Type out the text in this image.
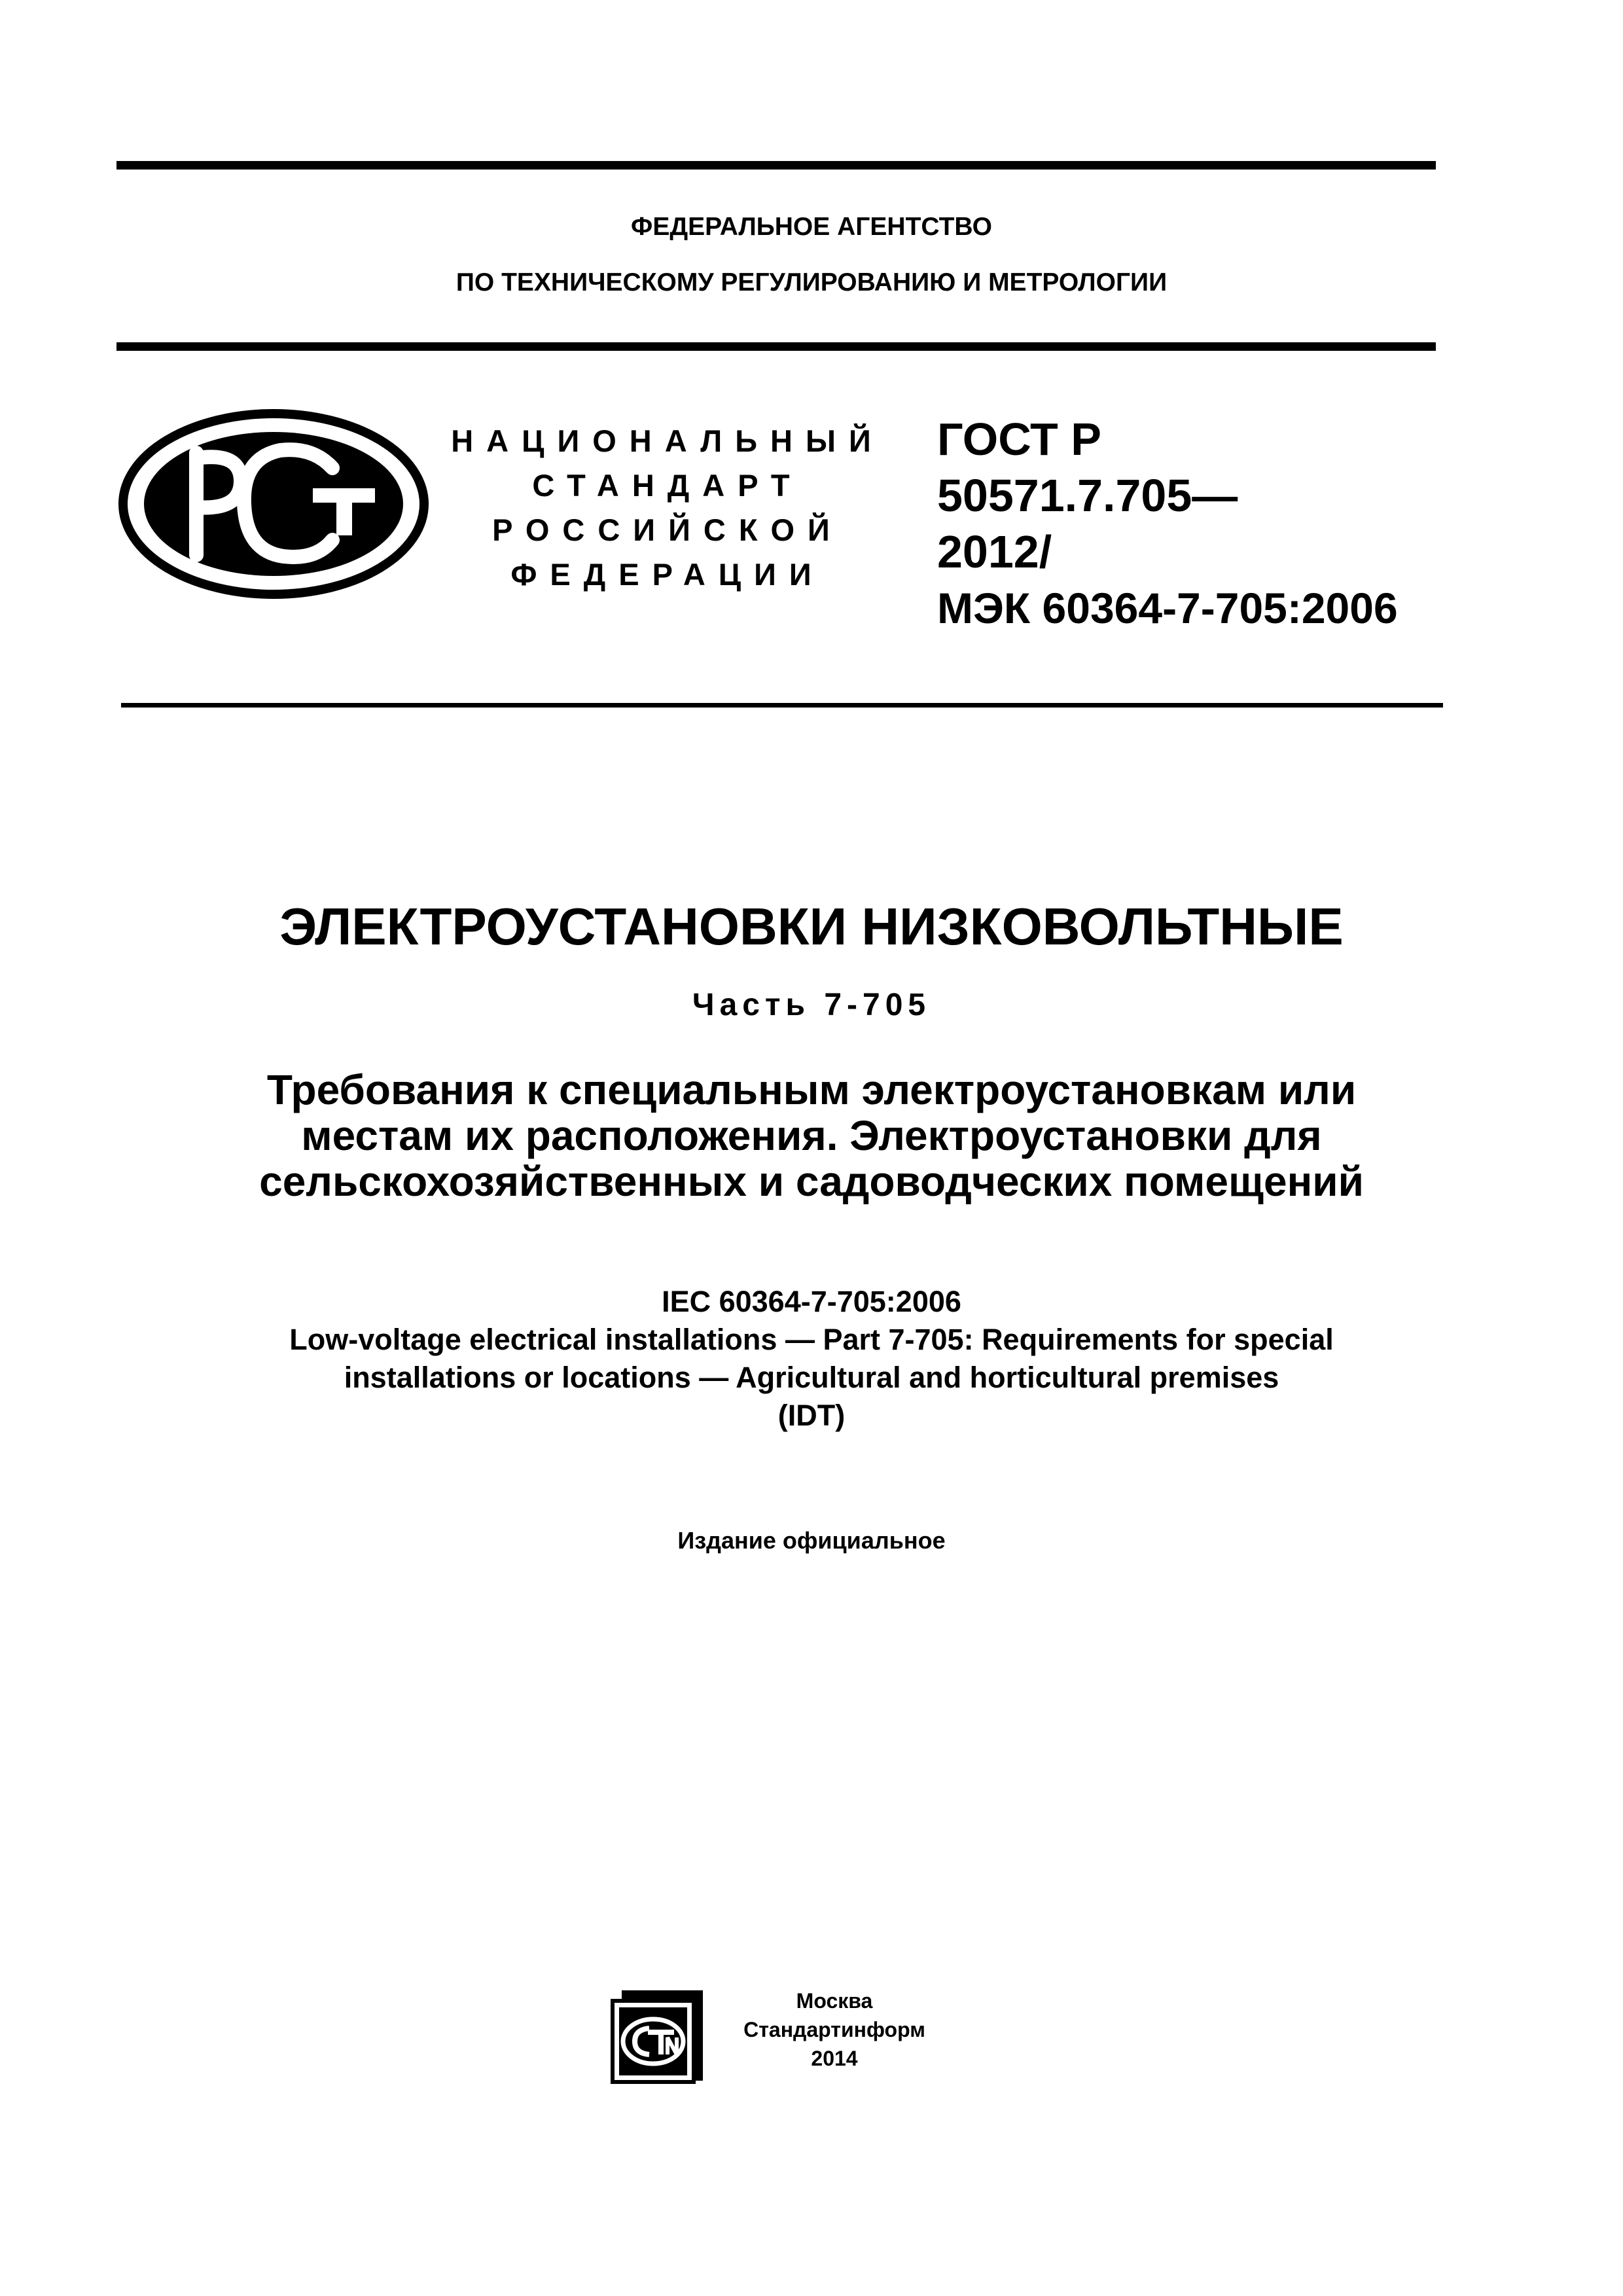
ФЕДЕРАЛЬНОЕ АГЕНТСТВО
ПО ТЕХНИЧЕСКОМУ РЕГУЛИРОВАНИЮ И МЕТРОЛОГИИ
НАЦИОНАЛЬНЫЙ
СТАНДАРТ
РОССИЙСКОЙ
ФЕДЕРАЦИИ
ГОСТ Р
50571.7.705—
2012/
МЭК 60364-7-705:2006
ЭЛЕКТРОУСТАНОВКИ НИЗКОВОЛЬТНЫЕ
Часть 7-705
Требования к специальным электроустановкам или
местам их расположения. Электроустановки для
сельскохозяйственных и садоводческих помещений
IEC 60364-7-705:2006
Low-voltage electrical installations — Part 7-705: Requirements for special
installations or locations — Agricultural and horticultural premises
(IDT)
Издание официальное
Москва
Стандартинформ
2014
